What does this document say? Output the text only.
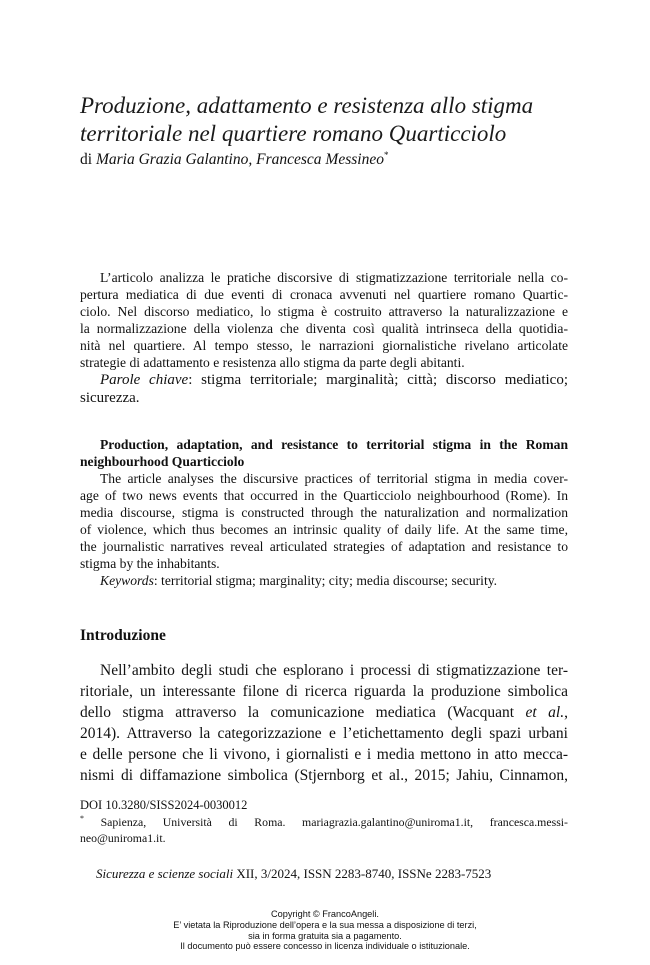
Produzione, adattamento e resistenza allo stigma
territoriale nel quartiere romano Quarticciolo
di Maria Grazia Galantino, Francesca Messineo*
L’articolo analizza le pratiche discorsive di stigmatizzazione territoriale nella co-
pertura mediatica di due eventi di cronaca avvenuti nel quartiere romano Quartic-
ciolo. Nel discorso mediatico, lo stigma è costruito attraverso la naturalizzazione e
la normalizzazione della violenza che diventa così qualità intrinseca della quotidia-
nità nel quartiere. Al tempo stesso, le narrazioni giornalistiche rivelano articolate
strategie di adattamento e resistenza allo stigma da parte degli abitanti.
Parole chiave: stigma territoriale; marginalità; città; discorso mediatico;
sicurezza.
Production, adaptation, and resistance to territorial stigma in the Roman
neighbourhood Quarticciolo
The article analyses the discursive practices of territorial stigma in media cover-
age of two news events that occurred in the Quarticciolo neighbourhood (Rome). In
media discourse, stigma is constructed through the naturalization and normalization
of violence, which thus becomes an intrinsic quality of daily life. At the same time,
the journalistic narratives reveal articulated strategies of adaptation and resistance to
stigma by the inhabitants.
Keywords: territorial stigma; marginality; city; media discourse; security.
Introduzione
Nell’ambito degli studi che esplorano i processi di stigmatizzazione ter-
ritoriale, un interessante filone di ricerca riguarda la produzione simbolica
dello stigma attraverso la comunicazione mediatica (Wacquant et al.,
2014). Attraverso la categorizzazione e l’etichettamento degli spazi urbani
e delle persone che li vivono, i giornalisti e i media mettono in atto mecca-
nismi di diffamazione simbolica (Stjernborg et al., 2015; Jahiu, Cinnamon,
DOI 10.3280/SISS2024-0030012
* Sapienza, Università di Roma. mariagrazia.galantino@uniroma1.it, francesca.messi-
neo@uniroma1.it.
Sicurezza e scienze sociali XII, 3/2024, ISSN 2283-8740, ISSNe 2283-7523
Copyright © FrancoAngeli.
E’ vietata la Riproduzione dell’opera e la sua messa a disposizione di terzi,
sia in forma gratuita sia a pagamento.
Il documento può essere concesso in licenza individuale o istituzionale.
